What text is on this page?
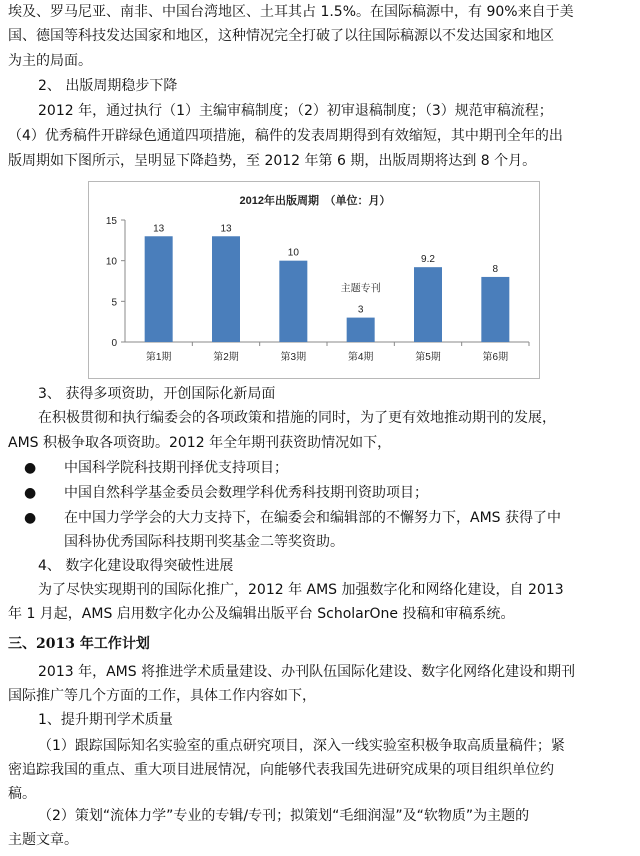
埃及、罗马尼亚、南非、中国台湾地区、土耳其占 1.5%。在国际稿源中，有 90%来自于美
国、德国等科技发达国家和地区，这种情况完全打破了以往国际稿源以不发达国家和地区
为主的局面。
2、 出版周期稳步下降
2012 年，通过执行（1）主编审稿制度；（2）初审退稿制度；（3）规范审稿流程；
（4）优秀稿件开辟绿色通道四项措施，稿件的发表周期得到有效缩短，其中期刊全年的出
版周期如下图所示，呈明显下降趋势，至 2012 年第 6 期，出版周期将达到 8 个月。
2012年出版周期　（单位：月）
0
5
10
15
13
第1期
13
第2期
10
第3期
3
第4期
主题专刊
9.2
第5期
8
第6期
3、 获得多项资助，开创国际化新局面
在积极贯彻和执行编委会的各项政策和措施的同时，为了更有效地推动期刊的发展，
AMS 积极争取各项资助。2012 年全年期刊获资助情况如下，
● 中国科学院科技期刊择优支持项目；
● 中国自然科学基金委员会数理学科优秀科技期刊资助项目；
● 在中国力学学会的大力支持下，在编委会和编辑部的不懈努力下，AMS 获得了中
国科协优秀国际科技期刊奖基金二等奖资助。
4、 数字化建设取得突破性进展
为了尽快实现期刊的国际化推广，2012 年 AMS 加强数字化和网络化建设，自 2013
年 1 月起，AMS 启用数字化办公及编辑出版平台 ScholarOne 投稿和审稿系统。
三、2013 年工作计划
2013 年，AMS 将推进学术质量建设、办刊队伍国际化建设、数字化网络化建设和期刊
国际推广等几个方面的工作，具体工作内容如下，
1、提升期刊学术质量
（1）跟踪国际知名实验室的重点研究项目，深入一线实验室积极争取高质量稿件；紧
密追踪我国的重点、重大项目进展情况，向能够代表我国先进研究成果的项目组织单位约
稿。
（2）策划“流体力学”专业的专辑/专刊；拟策划“毛细润湿”及“软物质”为主题的
主题文章。
